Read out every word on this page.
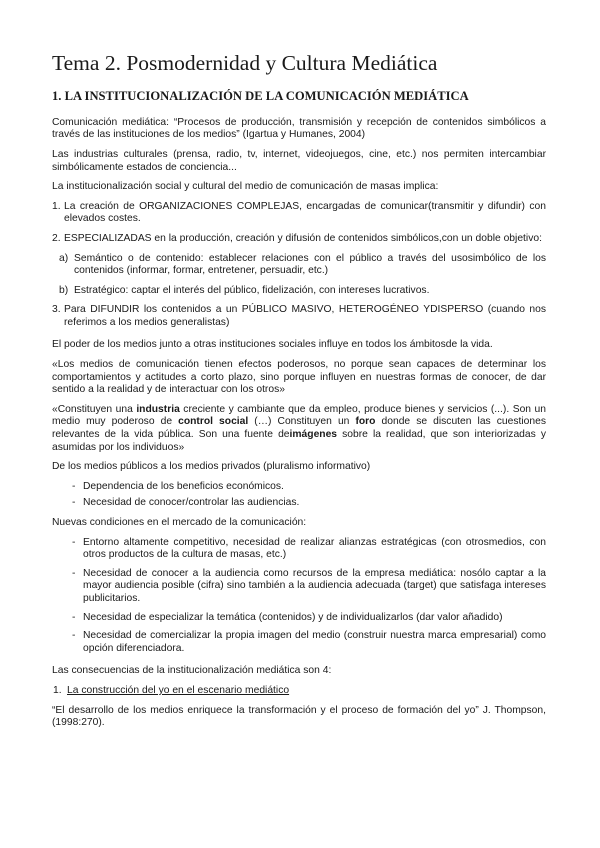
Tema 2. Posmodernidad y Cultura Mediática
1. LA INSTITUCIONALIZACIÓN DE LA COMUNICACIÓN MEDIÁTICA

Comunicación mediática: “Procesos de producción, transmisión y recepción de contenidos simbólicos a través de las instituciones de los medios” (Igartua y Humanes, 2004)

Las industrias culturales (prensa, radio, tv, internet, videojuegos, cine, etc.) nos permiten intercambiar simbólicamente estados de conciencia...

La institucionalización social y cultural del medio de comunicación de masas implica:

1. La creación de ORGANIZACIONES COMPLEJAS, encargadas de comunicar(transmitir y difundir) con elevados costes.
2. ESPECIALIZADAS en la producción, creación y difusión de contenidos simbólicos,con un doble objetivo:
a) Semántico o de contenido: establecer relaciones con el público a través del usosimbólico de los contenidos (informar, formar, entretener, persuadir, etc.)
b) Estratégico: captar el interés del público, fidelización, con intereses lucrativos.
3. Para DIFUNDIR los contenidos a un PÚBLICO MASIVO, HETEROGÉNEO YDISPERSO (cuando nos referimos a los medios generalistas)

El poder de los medios junto a otras instituciones sociales influye en todos los ámbitosde la vida.

«Los medios de comunicación tienen efectos poderosos, no porque sean capaces de determinar los comportamientos y actitudes a corto plazo, sino porque influyen en nuestras formas de conocer, de dar sentido a la realidad y de interactuar con los otros»

«Constituyen una industria creciente y cambiante que da empleo, produce bienes y servicios (...). Son un medio muy poderoso de control social (…) Constituyen un foro donde se discuten las cuestiones relevantes de la vida pública. Son una fuente deimágenes sobre la realidad, que son interiorizadas y asumidas por los individuos»

De los medios públicos a los medios privados (pluralismo informativo)

- Dependencia de los beneficios económicos.
- Necesidad de conocer/controlar las audiencias.

Nuevas condiciones en el mercado de la comunicación:

- Entorno altamente competitivo, necesidad de realizar alianzas estratégicas (con otrosmedios, con otros productos de la cultura de masas, etc.)
- Necesidad de conocer a la audiencia como recursos de la empresa mediática: nosólo captar a la mayor audiencia posible (cifra) sino también a la audiencia adecuada (target) que satisfaga intereses publicitarios.
- Necesidad de especializar la temática (contenidos) y de individualizarlos (dar valor añadido)
- Necesidad de comercializar la propia imagen del medio (construir nuestra marca empresarial) como opción diferenciadora.

Las consecuencias de la institucionalización mediática son 4:

1. La construcción del yo en el escenario mediático

“El desarrollo de los medios enriquece la transformación y el proceso de formación del yo” J. Thompson, (1998:270).
